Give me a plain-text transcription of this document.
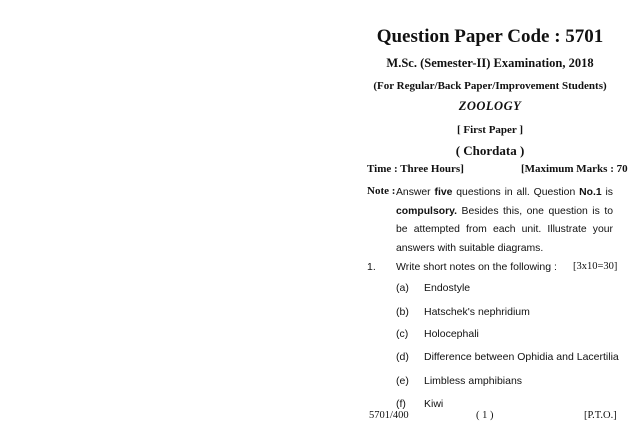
Question Paper Code : 5701
M.Sc. (Semester-II) Examination, 2018
(For Regular/Back Paper/Improvement Students)
ZOOLOGY
[ First Paper ]
( Chordata )
Time : Three Hours]	[Maximum Marks : 70
Note : Answer five questions in all. Question No.1 is compulsory. Besides this, one question is to be attempted from each unit. Illustrate your answers with suitable diagrams.
1. Write short notes on the following : [3x10=30]
(a) Endostyle
(b) Hatschek's nephridium
(c) Holocephali
(d) Difference between Ophidia and Lacertilia
(e) Limbless amphibians
(f) Kiwi
5701/400	( 1 )	[P.T.O.]
